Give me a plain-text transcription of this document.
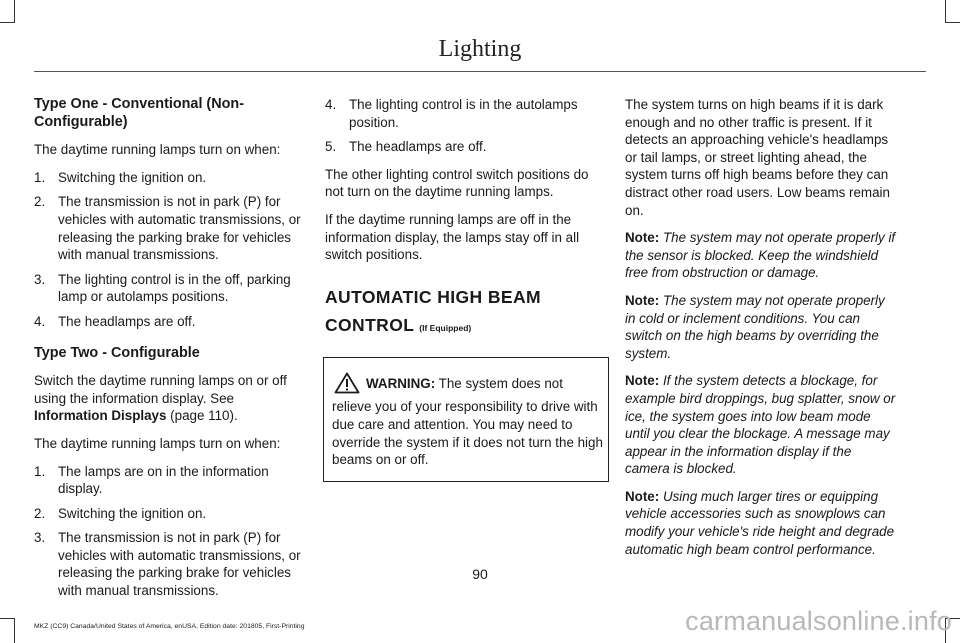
Lighting
Type One - Conventional (Non-Configurable)

The daytime running lamps turn on when:

1. Switching the ignition on.
2. The transmission is not in park (P) for vehicles with automatic transmissions, or releasing the parking brake for vehicles with manual transmissions.
3. The lighting control is in the off, parking lamp or autolamps positions.
4. The headlamps are off.
Type Two - Configurable

Switch the daytime running lamps on or off using the information display. See Information Displays (page 110).

The daytime running lamps turn on when:

1. The lamps are on in the information display.
2. Switching the ignition on.
3. The transmission is not in park (P) for vehicles with automatic transmissions, or releasing the parking brake for vehicles with manual transmissions.
4. The lighting control is in the autolamps position.
5. The headlamps are off.

The other lighting control switch positions do not turn on the daytime running lamps.

If the daytime running lamps are off in the information display, the lamps stay off in all switch positions.

AUTOMATIC HIGH BEAM
CONTROL (If Equipped)
WARNING: The system does not relieve you of your responsibility to drive with due care and attention. You may need to override the system if it does not turn the high beams on or off.

The system turns on high beams if it is dark enough and no other traffic is present. If it detects an approaching vehicle's headlamps or tail lamps, or street lighting ahead, the system turns off high beams before they can distract other road users. Low beams remain on.

Note: The system may not operate properly if the sensor is blocked. Keep the windshield free from obstruction or damage.

Note: The system may not operate properly in cold or inclement conditions. You can switch on the high beams by overriding the system.

Note: If the system detects a blockage, for example bird droppings, bug splatter, snow or ice, the system goes into low beam mode until you clear the blockage. A message may appear in the information display if the camera is blocked.

Note: Using much larger tires or equipping vehicle accessories such as snowplows can modify your vehicle's ride height and degrade automatic high beam control performance.

90
MKZ (CC9) Canada/United States of America, enUSA, Edition date: 201805, First-Printing	carmanualsonline.info
